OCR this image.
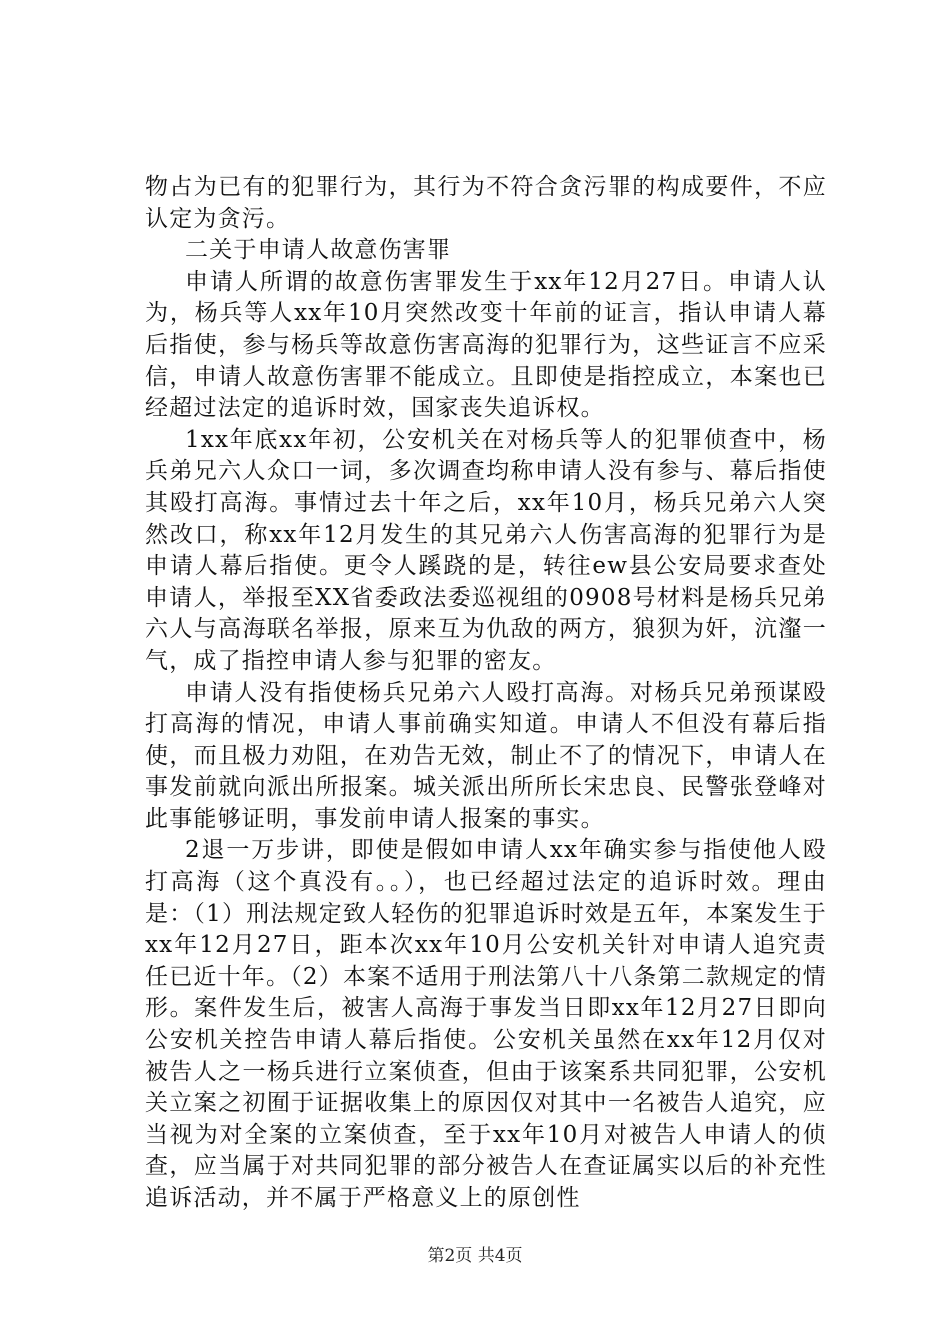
物占为已有的犯罪行为，其行为不符合贪污罪的构成要件，不应认定为贪污。

二关于申请人故意伤害罪

申请人所谓的故意伤害罪发生于xx年12月27日。申请人认为，杨兵等人xx年10月突然改变十年前的证言，指认申请人幕后指使，参与杨兵等故意伤害高海的犯罪行为，这些证言不应采信，申请人故意伤害罪不能成立。且即使是指控成立，本案也已经超过法定的追诉时效，国家丧失追诉权。

1xx年底xx年初，公安机关在对杨兵等人的犯罪侦查中，杨兵弟兄六人众口一词，多次调查均称申请人没有参与、幕后指使其殴打高海。事情过去十年之后，xx年10月，杨兵兄弟六人突然改口，称xx年12月发生的其兄弟六人伤害高海的犯罪行为是申请人幕后指使。更令人蹊跷的是，转往ew县公安局要求查处申请人，举报至XX省委政法委巡视组的0908号材料是杨兵兄弟六人与高海联名举报，原来互为仇敌的两方，狼狈为奸，沆瀣一气，成了指控申请人参与犯罪的密友。

申请人没有指使杨兵兄弟六人殴打高海。对杨兵兄弟预谋殴打高海的情况，申请人事前确实知道。申请人不但没有幕后指使，而且极力劝阻，在劝告无效，制止不了的情况下，申请人在事发前就向派出所报案。城关派出所所长宋忠良、民警张登峰对此事能够证明，事发前申请人报案的事实。

2退一万步讲，即使是假如申请人xx年确实参与指使他人殴打高海（这个真没有。。），也已经超过法定的追诉时效。理由是：（1）刑法规定致人轻伤的犯罪追诉时效是五年，本案发生于xx年12月27日，距本次xx年10月公安机关针对申请人追究责任已近十年。（2）本案不适用于刑法第八十八条第二款规定的情形。案件发生后，被害人高海于事发当日即xx年12月27日即向公安机关控告申请人幕后指使。公安机关虽然在xx年12月仅对被告人之一杨兵进行立案侦查，但由于该案系共同犯罪，公安机关立案之初囿于证据收集上的原因仅对其中一名被告人追究，应当视为对全案的立案侦查，至于xx年10月对被告人申请人的侦查，应当属于对共同犯罪的部分被告人在查证属实以后的补充性追诉活动，并不属于严格意义上的原创性

第2页 共4页
